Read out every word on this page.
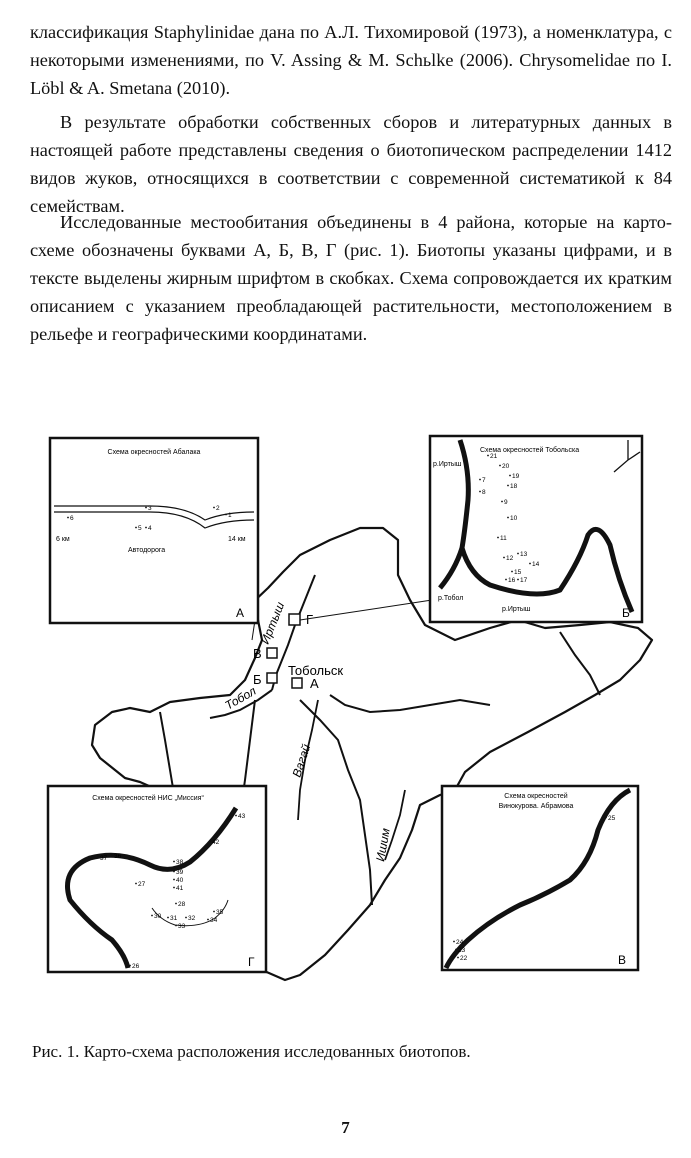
классификация Staphylinidae дана по А.Л. Тихомировой (1973), а номенклатура, с некоторыми изменениями, по V. Assing & M. Schьlke (2006). Chrysomelidae по I. Löbl & A. Smetana (2010).

В результате обработки собственных сборов и литературных данных в настоящей работе представлены сведения о биотопическом распределении 1412 видов жуков, относящихся в соответствии с современной систематикой к 84 семействам.

Исследованные местообитания объединены в 4 района, которые на карто-схеме обозначены буквами А, Б, В, Г (рис. 1). Биотопы указаны цифрами, и в тексте выделены жирным шрифтом в скобках. Схема сопровождается их кратким описанием с указанием преобладающей растительности, местоположением в рельефе и географическими координатами.

Г
В
Б	А
Тобольск
Иртыш
Тобол
Вагай
Ишим
Схема окресностей Абалака
6 км	14 км
Автодорога
А
6
3
5 4
2
1
Схема окресностей Тобольска
р.Иртыш
р.Тобол
р.Иртыш	Б
21
20
7
19
8
18
9
10
11
13
12
14
15
16 17
Схема окресностей НИС „Миссия“
Г
43
42
37 36
38
39
40
41
27
28
30 31 32
35
34
33
26
Схема окресностей
Винокурова. Абрамова
В
25
24
23
22

Рис. 1. Карто-схема расположения исследованных биотопов.

7
